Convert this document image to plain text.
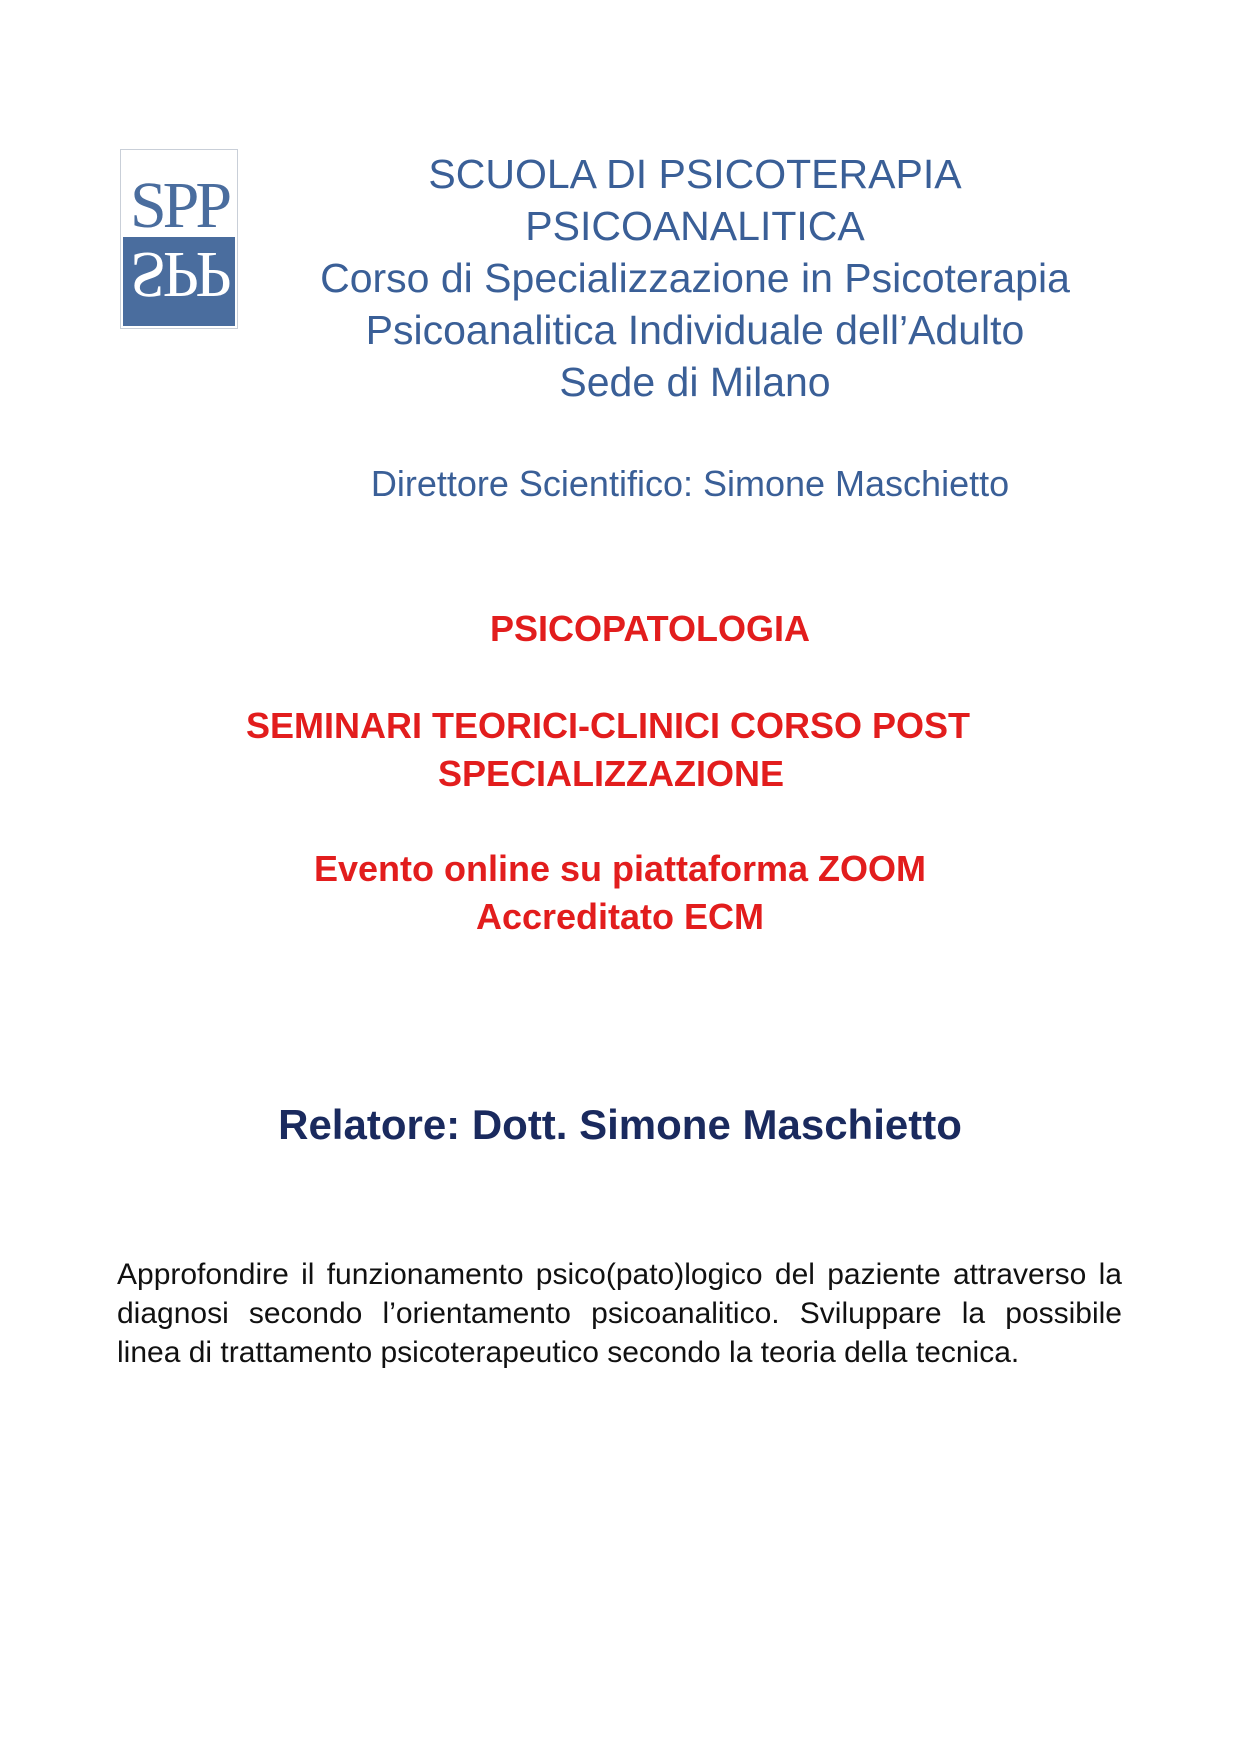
SPP
SPP
SCUOLA DI PSICOTERAPIA
PSICOANALITICA
Corso di Specializzazione in Psicoterapia
Psicoanalitica Individuale dell’Adulto
Sede di Milano
Direttore Scientifico: Simone Maschietto
PSICOPATOLOGIA
SEMINARI TEORICI-CLINICI CORSO POST
SPECIALIZZAZIONE
Evento online su piattaforma ZOOM
Accreditato ECM
Relatore: Dott. Simone Maschietto

Approfondire il funzionamento psico(pato)logico del paziente attraverso la diagnosi secondo l’orientamento psicoanalitico. Sviluppare la possibile linea di trattamento psicoterapeutico secondo la teoria della tecnica.
